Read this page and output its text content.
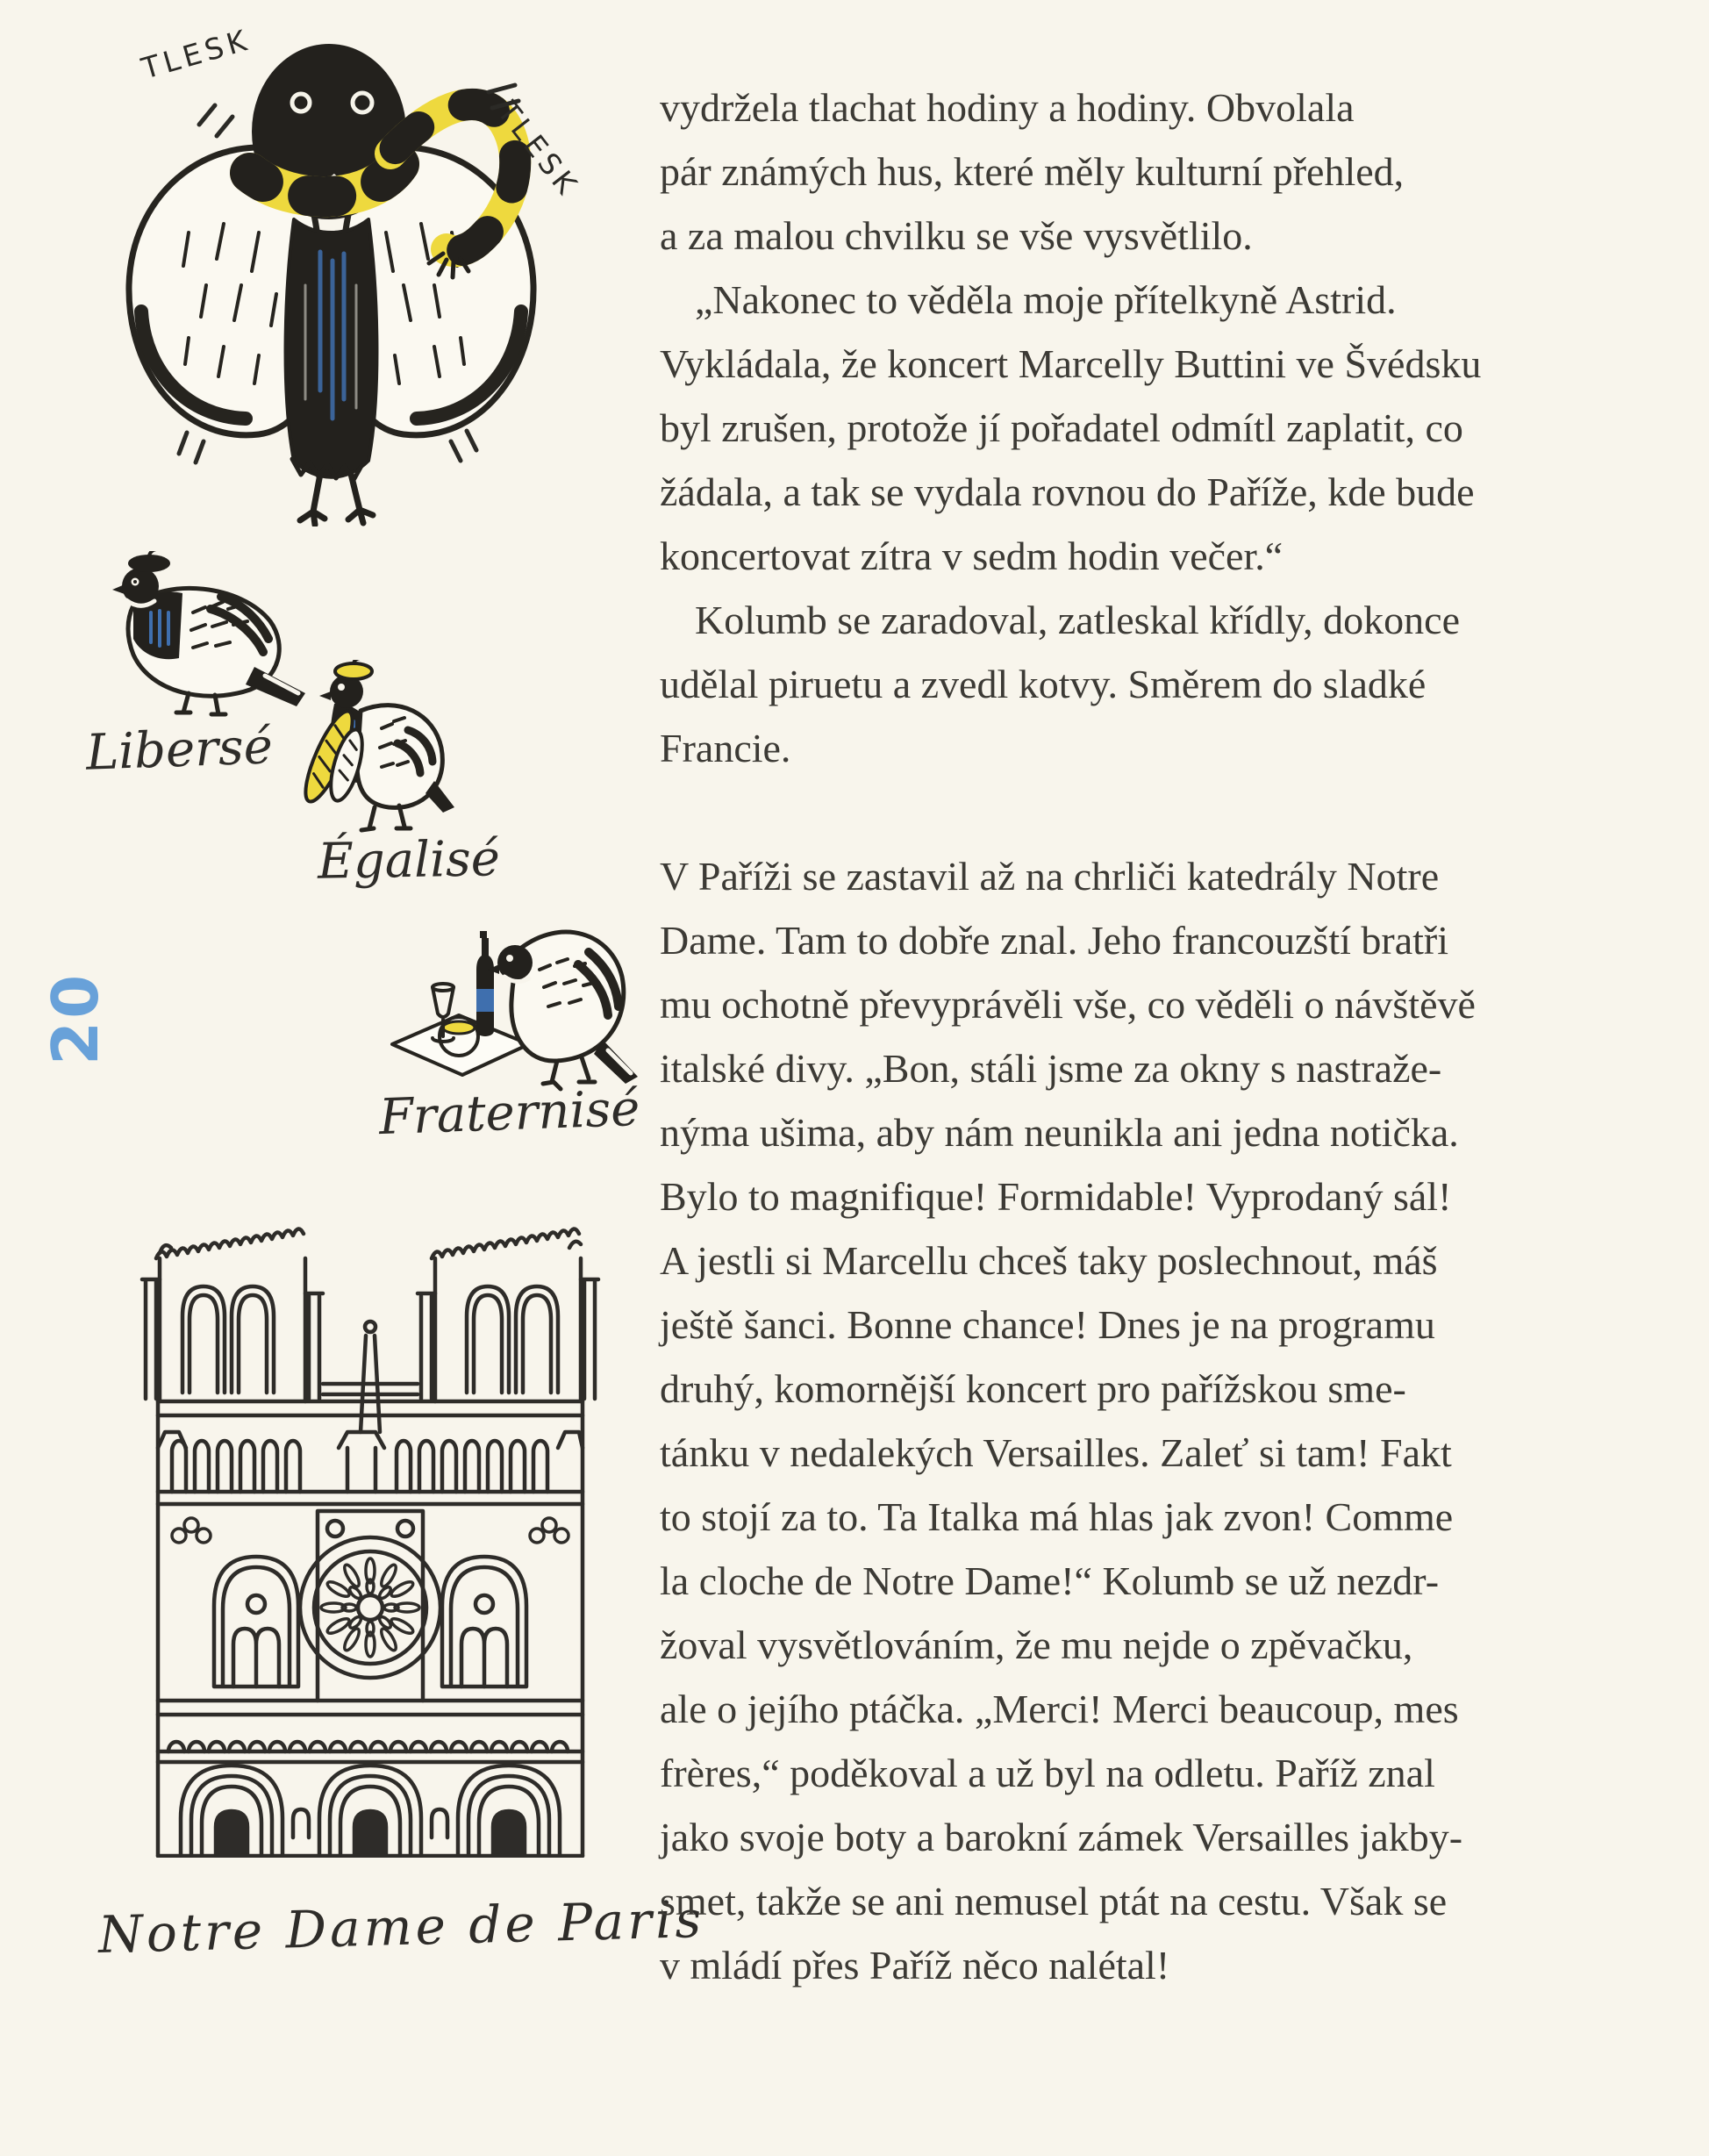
TLESK
TLESK
Libersé
Égalisé
Fraternisé
20
Notre Dame de Paris
vydržela tlachat hodiny a hodiny. Obvolala
pár známých hus, které měly kulturní přehled,
a za malou chvilku se vše vysvětlilo.
„Nakonec to věděla moje přítelkyně Astrid.
Vykládala, že koncert Marcelly Buttini ve Švédsku
byl zrušen, protože jí pořadatel odmítl zaplatit, co
žádala, a tak se vydala rovnou do Paříže, kde bude
koncertovat zítra v sedm hodin večer.“
Kolumb se zaradoval, zatleskal křídly, dokonce
udělal piruetu a zvedl kotvy. Směrem do sladké
Francie.
V Paříži se zastavil až na chrliči katedrály Notre
Dame. Tam to dobře znal. Jeho francouzští bratři
mu ochotně převyprávěli vše, co věděli o návštěvě
italské divy. „Bon, stáli jsme za okny s nastraže-
nýma ušima, aby nám neunikla ani jedna notička.
Bylo to magnifique! Formidable! Vyprodaný sál!
A jestli si Marcellu chceš taky poslechnout, máš
ještě šanci. Bonne chance! Dnes je na programu
druhý, komornější koncert pro pařížskou sme-
tánku v nedalekých Versailles. Zaleť si tam! Fakt
to stojí za to. Ta Italka má hlas jak zvon! Comme
la cloche de Notre Dame!“ Kolumb se už nezdr-
žoval vysvětlováním, že mu nejde o zpěvačku,
ale o jejího ptáčka. „Merci! Merci beaucoup, mes
frères,“ poděkoval a už byl na odletu. Paříž znal
jako svoje boty a barokní zámek Versailles jakby-
smet, takže se ani nemusel ptát na cestu. Však se
v mládí přes Paříž něco nalétal!
